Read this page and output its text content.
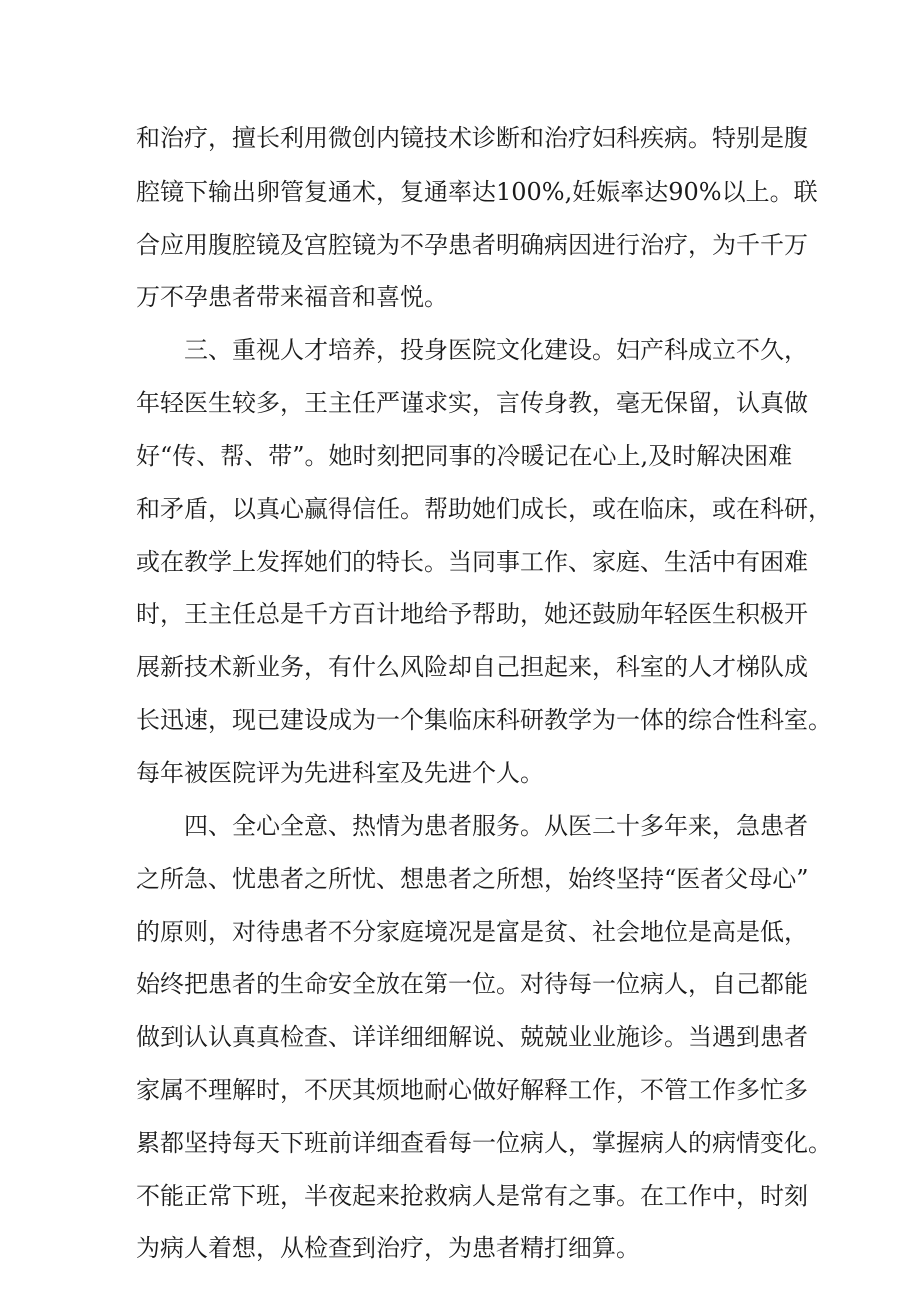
和治疗，擅长利用微创内镜技术诊断和治疗妇科疾病。特别是腹
腔镜下输出卵管复通术，复通率达100%,妊娠率达90%以上。联
合应用腹腔镜及宫腔镜为不孕患者明确病因进行治疗，为千千万
万不孕患者带来福音和喜悦。
三、重视人才培养，投身医院文化建设。妇产科成立不久，
年轻医生较多，王主任严谨求实，言传身教，毫无保留，认真做
好“传、帮、带”。她时刻把同事的冷暖记在心上,及时解决困难
和矛盾，以真心赢得信任。帮助她们成长，或在临床，或在科研，
或在教学上发挥她们的特长。当同事工作、家庭、生活中有困难
时，王主任总是千方百计地给予帮助，她还鼓励年轻医生积极开
展新技术新业务，有什么风险却自己担起来，科室的人才梯队成
长迅速，现已建设成为一个集临床科研教学为一体的综合性科室。
每年被医院评为先进科室及先进个人。
四、全心全意、热情为患者服务。从医二十多年来，急患者
之所急、忧患者之所忧、想患者之所想，始终坚持“医者父母心”
的原则，对待患者不分家庭境况是富是贫、社会地位是高是低，
始终把患者的生命安全放在第一位。对待每一位病人，自己都能
做到认认真真检查、详详细细解说、兢兢业业施诊。当遇到患者
家属不理解时，不厌其烦地耐心做好解释工作，不管工作多忙多
累都坚持每天下班前详细查看每一位病人，掌握病人的病情变化。
不能正常下班，半夜起来抢救病人是常有之事。在工作中，时刻
为病人着想，从检查到治疗，为患者精打细算。
